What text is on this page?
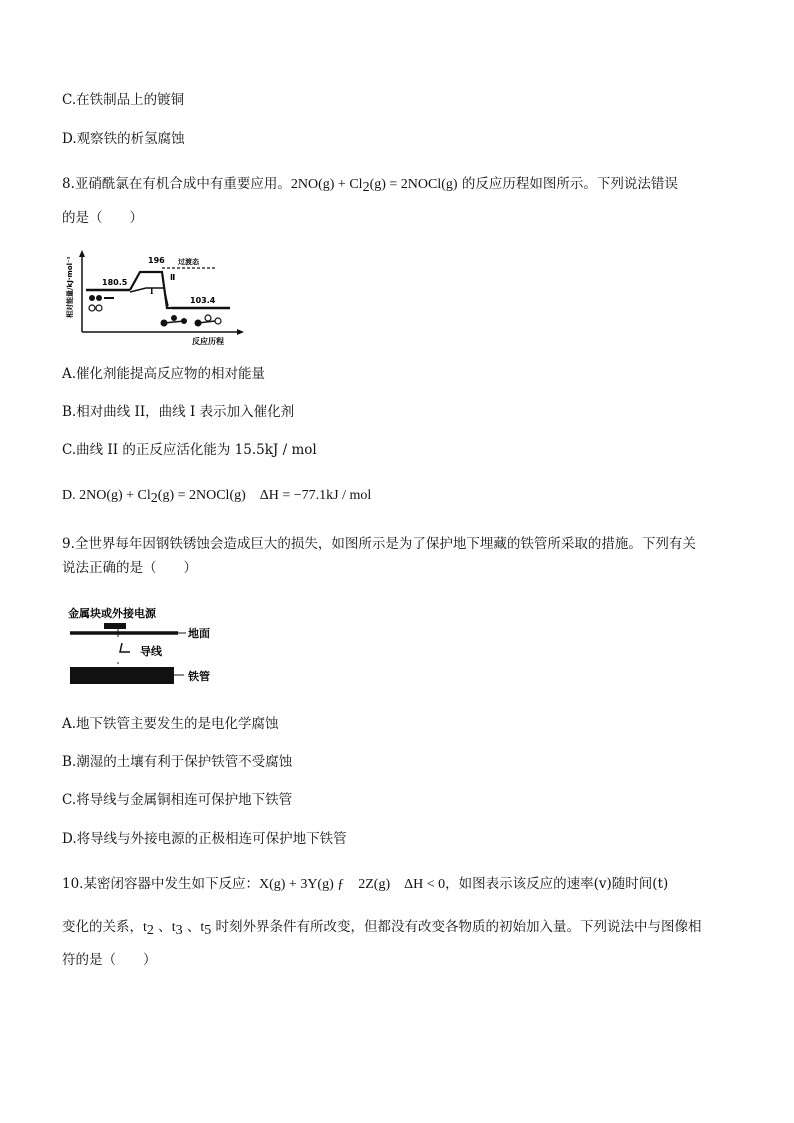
C.在铁制品上的镀铜
D.观察铁的析氢腐蚀
8.亚硝酰氯在有机合成中有重要应用。$2NO(g) + Cl_2(g)$ = 2NOCl(g) 的反应历程如图所示。下列说法错误
的是（　　）
相对能量/kJ·mol⁻¹
反应历程
180.5
196
I
Ⅱ
过渡态
103.4
A.催化剂能提高反应物的相对能量
B.相对曲线 II，曲线 I 表示加入催化剂
C.曲线 II 的正反应活化能为 15.5kJ / mol
D. $2NO(g) + Cl_2(g)$ = 2NOCl(g)　ΔH = −77.1kJ / mol
9.全世界每年因钢铁锈蚀会造成巨大的损失，如图所示是为了保护地下埋藏的铁管所采取的措施。下列有关
说法正确的是（　　）
金属块或外接电源
地面
导线
铁管
A.地下铁管主要发生的是电化学腐蚀
B.潮湿的土壤有利于保护铁管不受腐蚀
C.将导线与金属铜相连可保护地下铁管
D.将导线与外接电源的正极相连可保护地下铁管
10.某密闭容器中发生如下反应：X(g) + 3Y(g) ƒ　2Z(g)　ΔH < 0，如图表示该反应的速率(v)随时间(t)
变化的关系，$t_2$ 、$t_3$ 、$t_5$ 时刻外界条件有所改变，但都没有改变各物质的初始加入量。下列说法中与图像相
符的是（　　）
